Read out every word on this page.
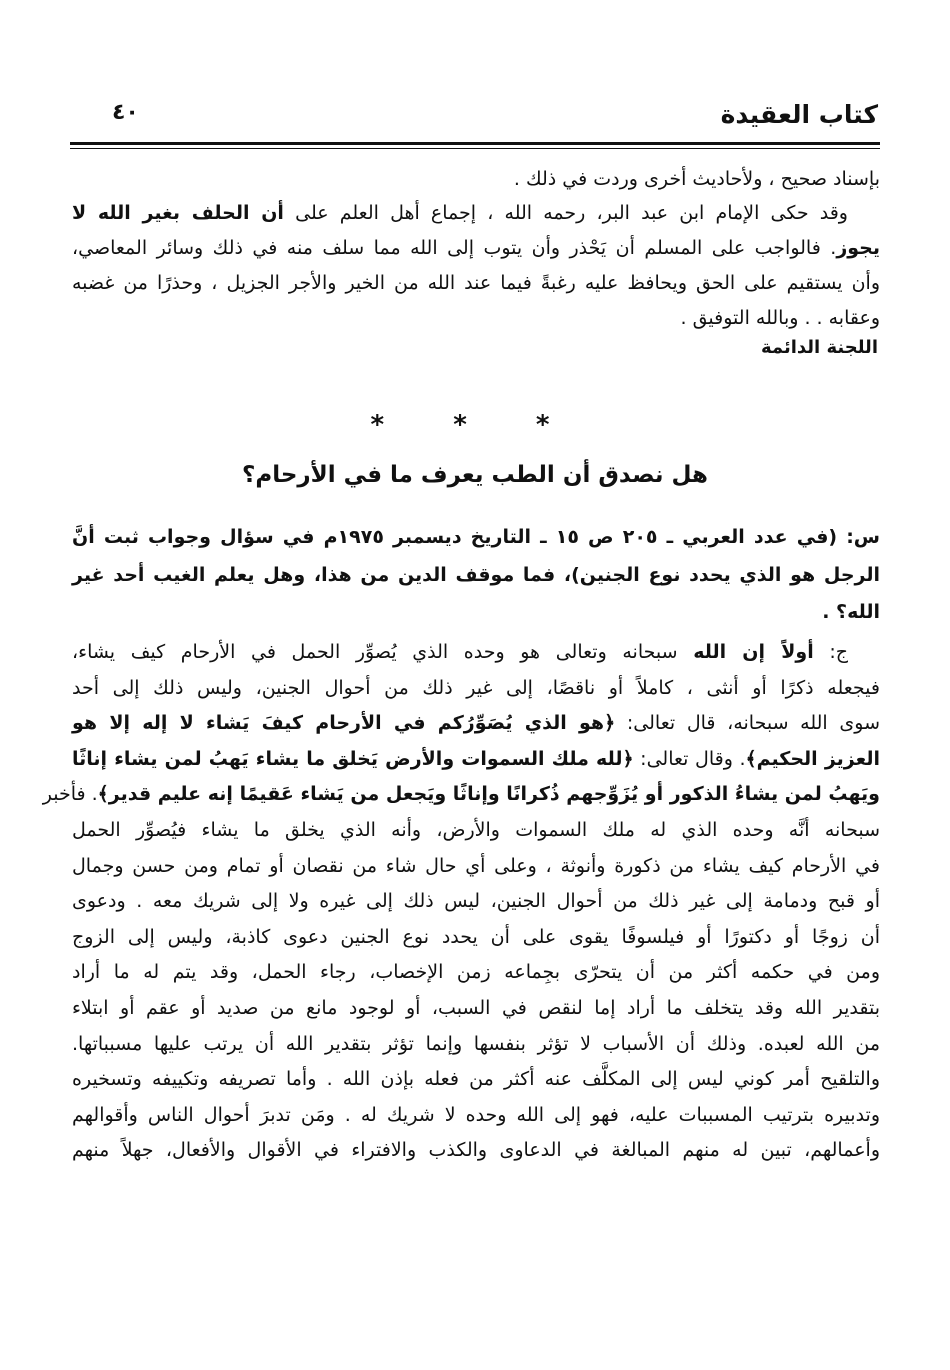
كتاب العقيدة
٤٠
بإسناد صحيح ، ولأحاديث أخرى وردت في ذلك .
وقد حكى الإمام ابن عبد البر، رحمه الله ، إجماع أهل العلم على أن الحلف بغير الله لا
يجوز. فالواجب على المسلم أن يَحْذر وأن يتوب إلى الله مما سلف منه في ذلك وسائر المعاصي،
وأن يستقيم على الحق ويحافظ عليه رغبةً فيما عند الله من الخير والأجر الجزيل ، وحذرًا من غضبه
وعقابه . . وبالله التوفيق .
اللجنة الدائمة
* * *
هل نصدق أن الطب يعرف ما في الأرحام؟
س: (في عدد العربي ـ ٢٠٥ ص ١٥ ـ التاريخ ديسمبر ١٩٧٥م في سؤال وجواب ثبت أنَّ
الرجل هو الذي يحدد نوع الجنين)، فما موقف الدين من هذا، وهل يعلم الغيب أحد غير
الله؟ .
ج: أولاً إن الله سبحانه وتعالى هو وحده الذي يُصوِّر الحمل في الأرحام كيف يشاء،
فيجعله ذكرًا أو أنثى ، كاملاً أو ناقصًا، إلى غير ذلك من أحوال الجنين، وليس ذلك إلى أحد
سوى الله سبحانه، قال تعالى: ﴿هو الذي يُصَوِّرُكم في الأرحام كيفَ يَشاء لا إله إلا هو
العزيز الحكيم﴾. وقال تعالى: ﴿لله ملك السموات والأرض يَخلق ما يشاء يَهبُ لمن يشاء إناثًا
ويَهبُ لمن يشاءُ الذكور أو يُزَوِّجهم ذُكرانًا وإناثًا ويَجعل من يَشاء عَقيمًا إنه عليم قدير﴾. فأخبر
سبحانه أنَّه وحده الذي له ملك السموات والأرض، وأنه الذي يخلق ما يشاء فيُصوِّر الحمل
في الأرحام كيف يشاء من ذكورة وأنوثة ، وعلى أي حال شاء من نقصان أو تمام ومن حسن وجمال
أو قبح ودمامة إلى غير ذلك من أحوال الجنين، ليس ذلك إلى غيره ولا إلى شريك معه . ودعوى
أن زوجًا أو دكتورًا أو فيلسوفًا يقوى على أن يحدد نوع الجنين دعوى كاذبة، وليس إلى الزوج
ومن في حكمه أكثر من أن يتحرّى بجِماعه زمن الإخصاب، رجاء الحمل، وقد يتم له ما أراد
بتقدير الله وقد يتخلف ما أراد إما لنقص في السبب، أو لوجود مانع من صديد أو عقم أو ابتلاء
من الله لعبده. وذلك أن الأسباب لا تؤثر بنفسها وإنما تؤثر بتقدير الله أن يرتب عليها مسبباتها.
والتلقيح أمر كوني ليس إلى المكلَّف عنه أكثر من فعله بإذن الله . وأما تصريفه وتكييفه وتسخيره
وتدبيره بترتيب المسببات عليه، فهو إلى الله وحده لا شريك له . ومَن تدبرَ أحوال الناس وأقوالهم
وأعمالهم، تبين له منهم المبالغة في الدعاوى والكذب والافتراء في الأقوال والأفعال، جهلاً منهم
